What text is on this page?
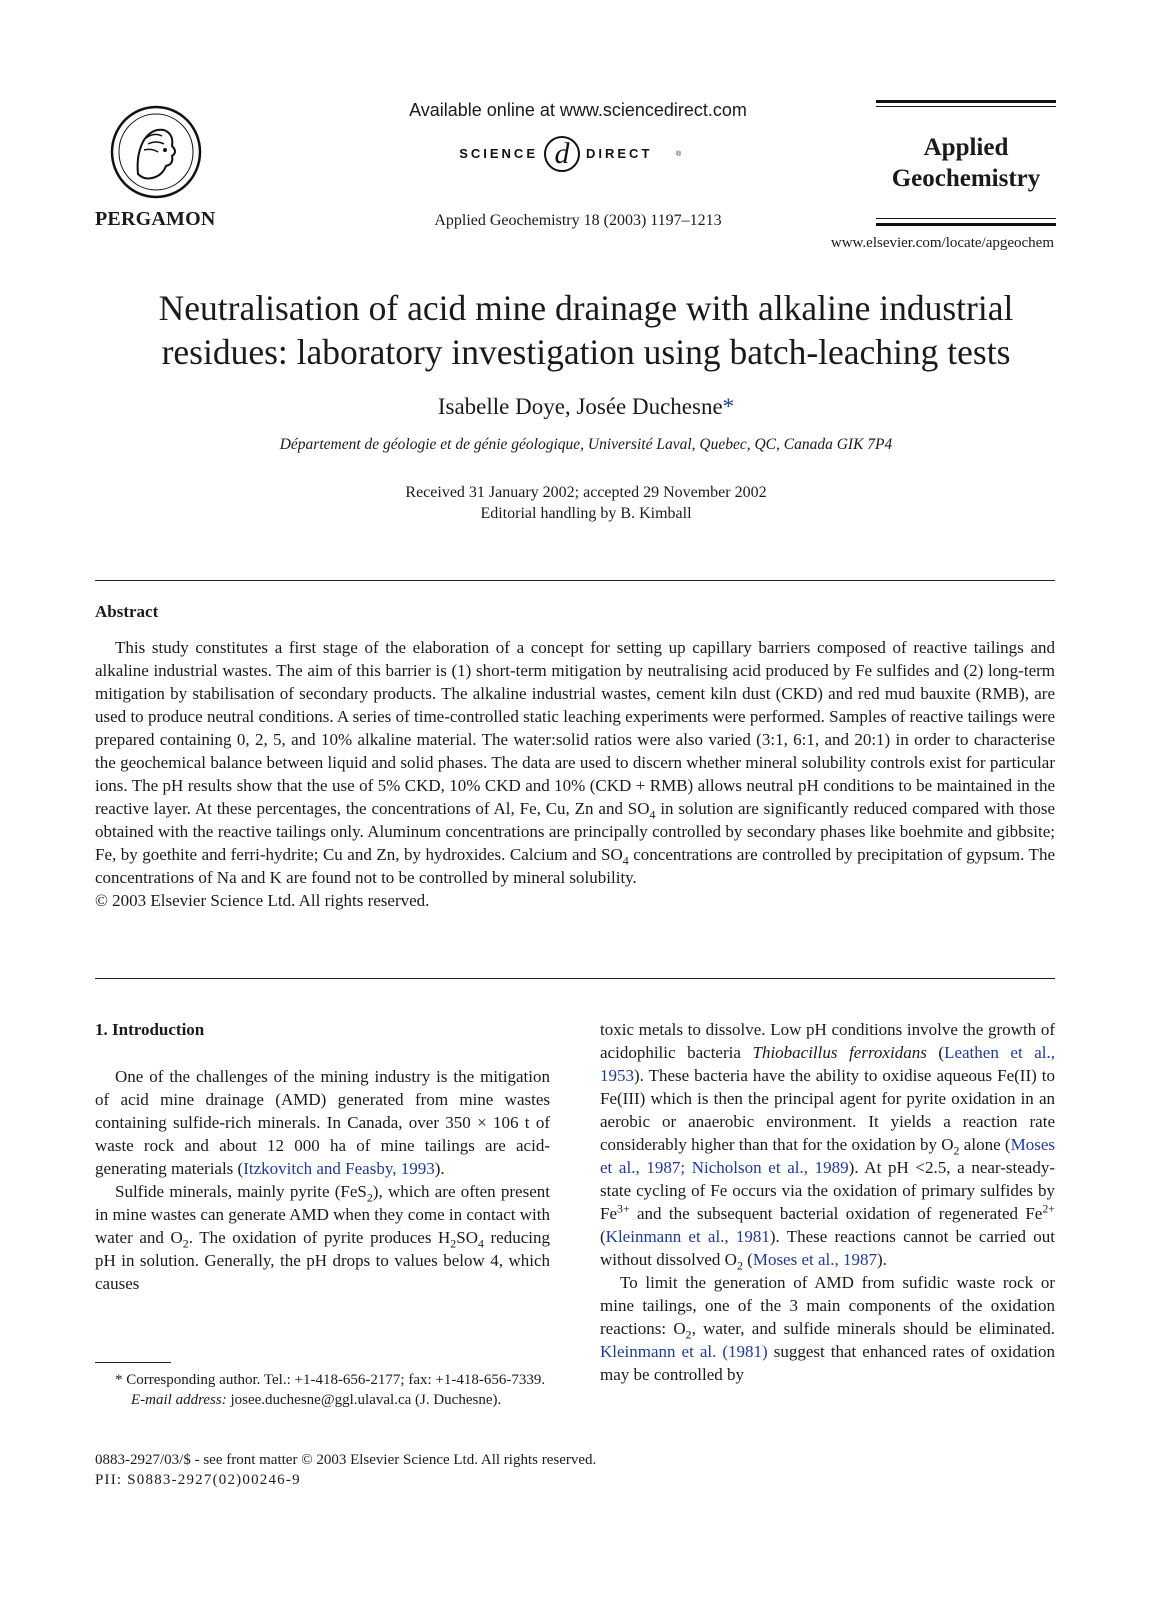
PERGAMON
Available online at www.sciencedirect.com
SCIENCE d DIRECT	®
Applied Geochemistry 18 (2003) 1197–1213
Applied
Geochemistry
www.elsevier.com/locate/apgeochem
Neutralisation of acid mine drainage with alkaline industrial
residues: laboratory investigation using batch-leaching tests
Isabelle Doye, Josée Duchesne*
Département de géologie et de génie géologique, Université Laval, Quebec, QC, Canada GIK 7P4
Received 31 January 2002; accepted 29 November 2002
Editorial handling by B. Kimball
Abstract

This study constitutes a first stage of the elaboration of a concept for setting up capillary barriers composed of reactive tailings and alkaline industrial wastes. The aim of this barrier is (1) short-term mitigation by neutralising acid produced by Fe sulfides and (2) long-term mitigation by stabilisation of secondary products. The alkaline industrial wastes, cement kiln dust (CKD) and red mud bauxite (RMB), are used to produce neutral conditions. A series of time-controlled static leaching experiments were performed. Samples of reactive tailings were prepared containing 0, 2, 5, and 10% alkaline material. The water:solid ratios were also varied (3:1, 6:1, and 20:1) in order to characterise the geochemical balance between liquid and solid phases. The data are used to discern whether mineral solubility controls exist for particular ions. The pH results show that the use of 5% CKD, 10% CKD and 10% (CKD + RMB) allows neutral pH conditions to be maintained in the reactive layer. At these percentages, the concentrations of Al, Fe, Cu, Zn and $SO_4$ in solution are significantly reduced compared with those obtained with the reactive tailings only. Aluminum concentrations are principally controlled by secondary phases like boehmite and gibbsite; Fe, by goethite and ferri-hydrite; Cu and Zn, by hydroxides. Calcium and $SO_4$ concentrations are controlled by precipitation of gypsum. The concentrations of Na and K are found not to be controlled by mineral solubility.

© 2003 Elsevier Science Ltd. All rights reserved.

1. Introduction

One of the challenges of the mining industry is the mitigation of acid mine drainage (AMD) generated from mine wastes containing sulfide-rich minerals. In Canada, over 350 × 106 t of waste rock and about 12 000 ha of mine tailings are acid-generating materials (Itzkovitch and Feasby, 1993).

Sulfide minerals, mainly pyrite (FeS$_2$), which are often present in mine wastes can generate AMD when they come in contact with water and $O_2$. The oxidation of pyrite produces $H_2SO_4$ reducing pH in solution. Generally, the pH drops to values below 4, which causes

toxic metals to dissolve. Low pH conditions involve the growth of acidophilic bacteria Thiobacillus ferroxidans (Leathen et al., 1953). These bacteria have the ability to oxidise aqueous Fe(II) to Fe(III) which is then the principal agent for pyrite oxidation in an aerobic or anaerobic environment. It yields a reaction rate considerably higher than that for the oxidation by $O_2$ alone (Moses et al., 1987; Nicholson et al., 1989). At pH <2.5, a near-steady-state cycling of Fe occurs via the oxidation of primary sulfides by $Fe^{3+}$ and the subsequent bacterial oxidation of regenerated $Fe^{2+}$ (Kleinmann et al., 1981). These reactions cannot be carried out without dissolved $O_2$ (Moses et al., 1987).

To limit the generation of AMD from sufidic waste rock or mine tailings, one of the 3 main components of the oxidation reactions: $O_2$, water, and sulfide minerals should be eliminated. Kleinmann et al. (1981) suggest that enhanced rates of oxidation may be controlled by

* Corresponding author. Tel.: +1-418-656-2177; fax: +1-418-656-7339.

E-mail address: josee.duchesne@ggl.ulaval.ca (J. Duchesne).

0883-2927/03/$ - see front matter © 2003 Elsevier Science Ltd. All rights reserved.
PII: S0883-2927(02)00246-9
